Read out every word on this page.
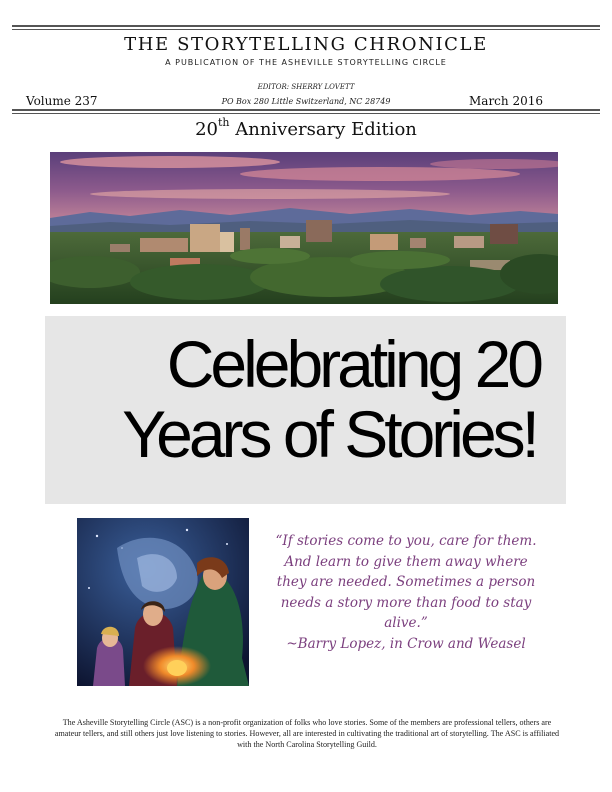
THE STORYTELLING CHRONICLE
A PUBLICATION OF THE ASHEVILLE STORYTELLING CIRCLE
EDITOR: SHERRY LOVETT
Volume 237	PO Box 280 Little Switzerland, NC 28749	March 2016
20th Anniversary Edition
Celebrating 20
Years of Stories!
“If stories come to you, care for them. And learn to give them away where they are needed. Sometimes a person needs a story more than food to stay alive.”
~Barry Lopez, in Crow and Weasel
The Asheville Storytelling Circle (ASC) is a non-profit organization of folks who love stories. Some of the members are professional tellers, others are amateur tellers, and still others just love listening to stories. However, all are interested in cultivating the traditional art of storytelling. The ASC is affiliated with the North Carolina Storytelling Guild.
